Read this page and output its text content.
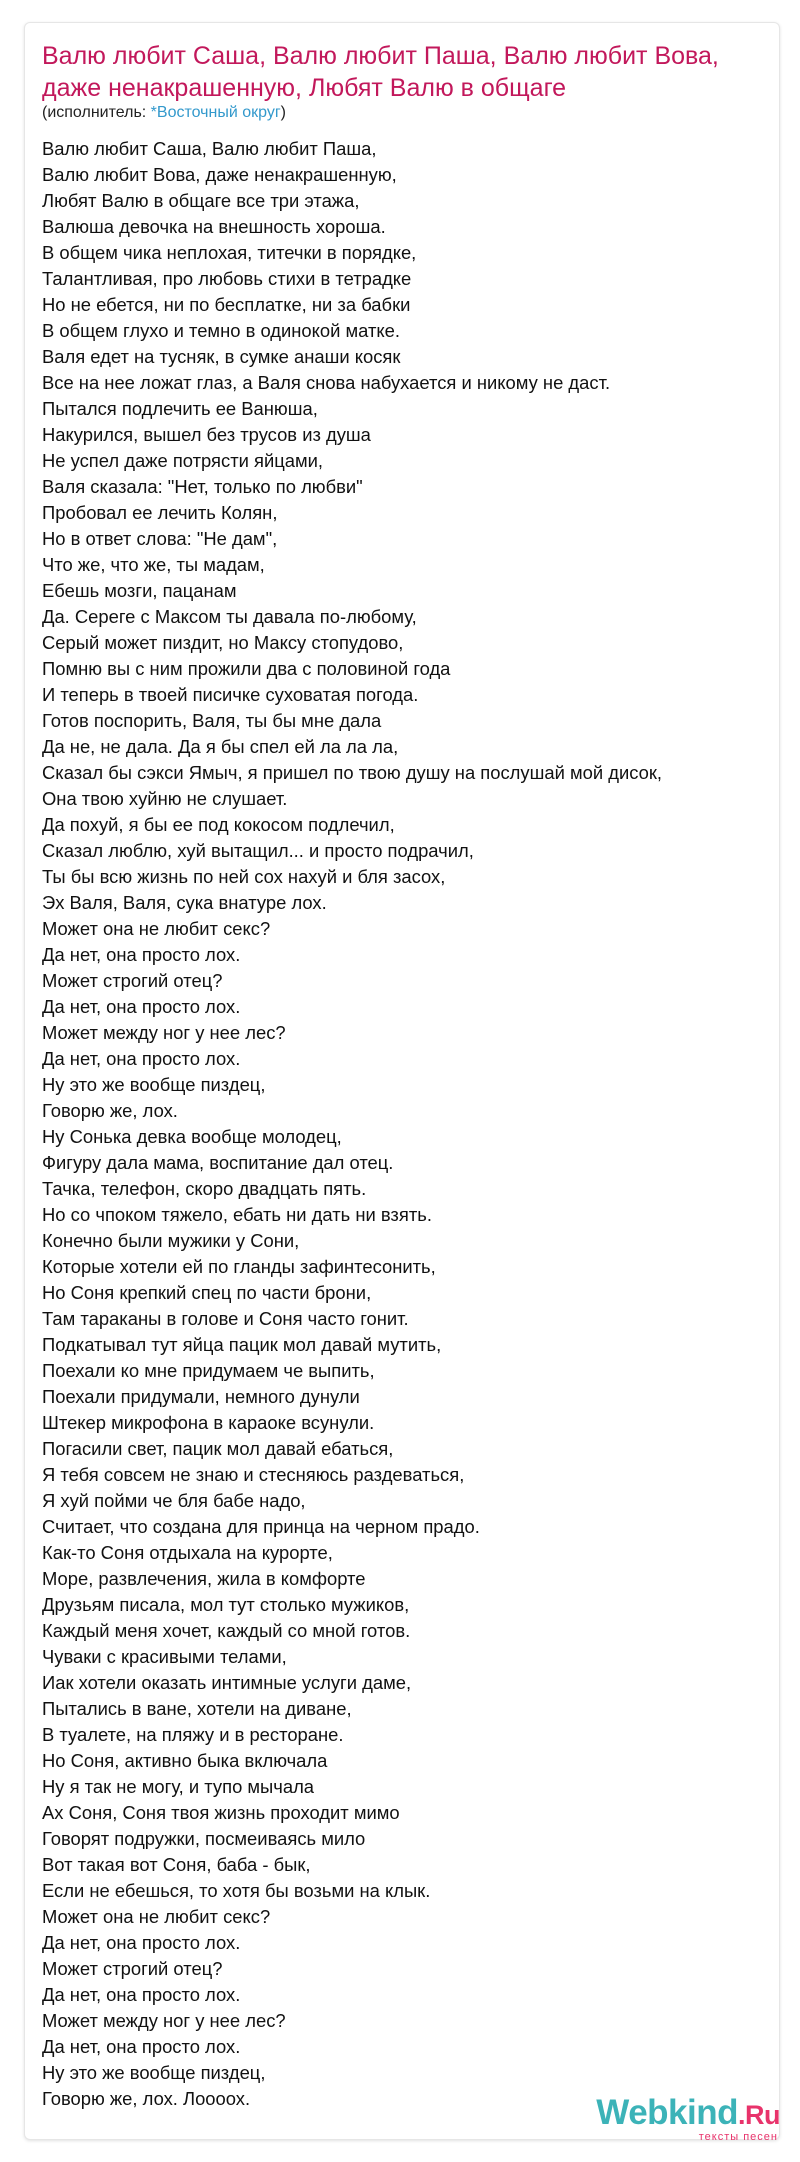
Валю любит Саша, Валю любит Паша, Валю любит Вова, даже ненакрашенную, Любят Валю в общаге
(исполнитель: *Восточный округ)
Валю любит Саша, Валю любит Паша,
Валю любит Вова, даже ненакрашенную,
Любят Валю в общаге все три этажа,
Валюша девочка на внешность хороша.
В общем чика неплохая, титечки в порядке,
Талантливая, про любовь стихи в тетрадке
Но не ебется, ни по бесплатке, ни за бабки
В общем глухо и темно в одинокой матке.
Валя едет на тусняк, в сумке анаши косяк
Все на нее ложат глаз, а Валя снова набухается и никому не даст.
Пытался подлечить ее Ванюша,
Накурился, вышел без трусов из душа
Не успел даже потрясти яйцами,
Валя сказала: "Нет, только по любви"
Пробовал ее лечить Колян,
Но в ответ слова: "Не дам",
Что же, что же, ты мадам,
Ебешь мозги, пацанам
Да. Сереге с Максом ты давала по-любому,
Серый может пиздит, но Максу стопудово,
Помню вы с ним прожили два с половиной года
И теперь в твоей писичке суховатая погода.
Готов поспорить, Валя, ты бы мне дала
Да не, не дала. Да я бы спел ей ла ла ла,
Сказал бы сэкси Ямыч, я пришел по твою душу на послушай мой дисок,
Она твою хуйню не слушает.
Да похуй, я бы ее под кокосом подлечил,
Сказал люблю, хуй вытащил... и просто подрачил,
Ты бы всю жизнь по ней сох нахуй и бля засох,
Эх Валя, Валя, сука внатуре лох.
Может она не любит секс?
Да нет, она просто лох.
Может строгий отец?
Да нет, она просто лох.
Может между ног у нее лес?
Да нет, она просто лох.
Ну это же вообще пиздец,
Говорю же, лох.
Ну Сонька девка вообще молодец,
Фигуру дала мама, воспитание дал отец.
Тачка, телефон, скоро двадцать пять.
Но со чпоком тяжело, ебать ни дать ни взять.
Конечно были мужики у Сони,
Которые хотели ей по гланды зафинтесонить,
Но Соня крепкий спец по части брони,
Там тараканы в голове и Соня часто гонит.
Подкатывал тут яйца пацик мол давай мутить,
Поехали ко мне придумаем че выпить,
Поехали придумали, немного дунули
Штекер микрофона в караоке всунули.
Погасили свет, пацик мол давай ебаться,
Я тебя совсем не знаю и стесняюсь раздеваться,
Я хуй пойми че бля бабе надо,
Считает, что создана для принца на черном прадо.
Как-то Соня отдыхала на курорте,
Море, развлечения, жила в комфорте
Друзьям писала, мол тут столько мужиков,
Каждый меня хочет, каждый со мной готов.
Чуваки с красивыми телами,
Иак хотели оказать интимные услуги даме,
Пытались в ване, хотели на диване,
В туалете, на пляжу и в ресторане.
Но Соня, активно быка включала
Ну я так не могу, и тупо мычала
Ах Соня, Соня твоя жизнь проходит мимо
Говорят подружки, посмеиваясь мило
Вот такая вот Соня, баба - бык,
Если не ебешься, то хотя бы возьми на клык.
Может она не любит секс?
Да нет, она просто лох.
Может строгий отец?
Да нет, она просто лох.
Может между ног у нее лес?
Да нет, она просто лох.
Ну это же вообще пиздец,
Говорю же, лох. Лоооох.	Webkind.Ru
тексты песен
